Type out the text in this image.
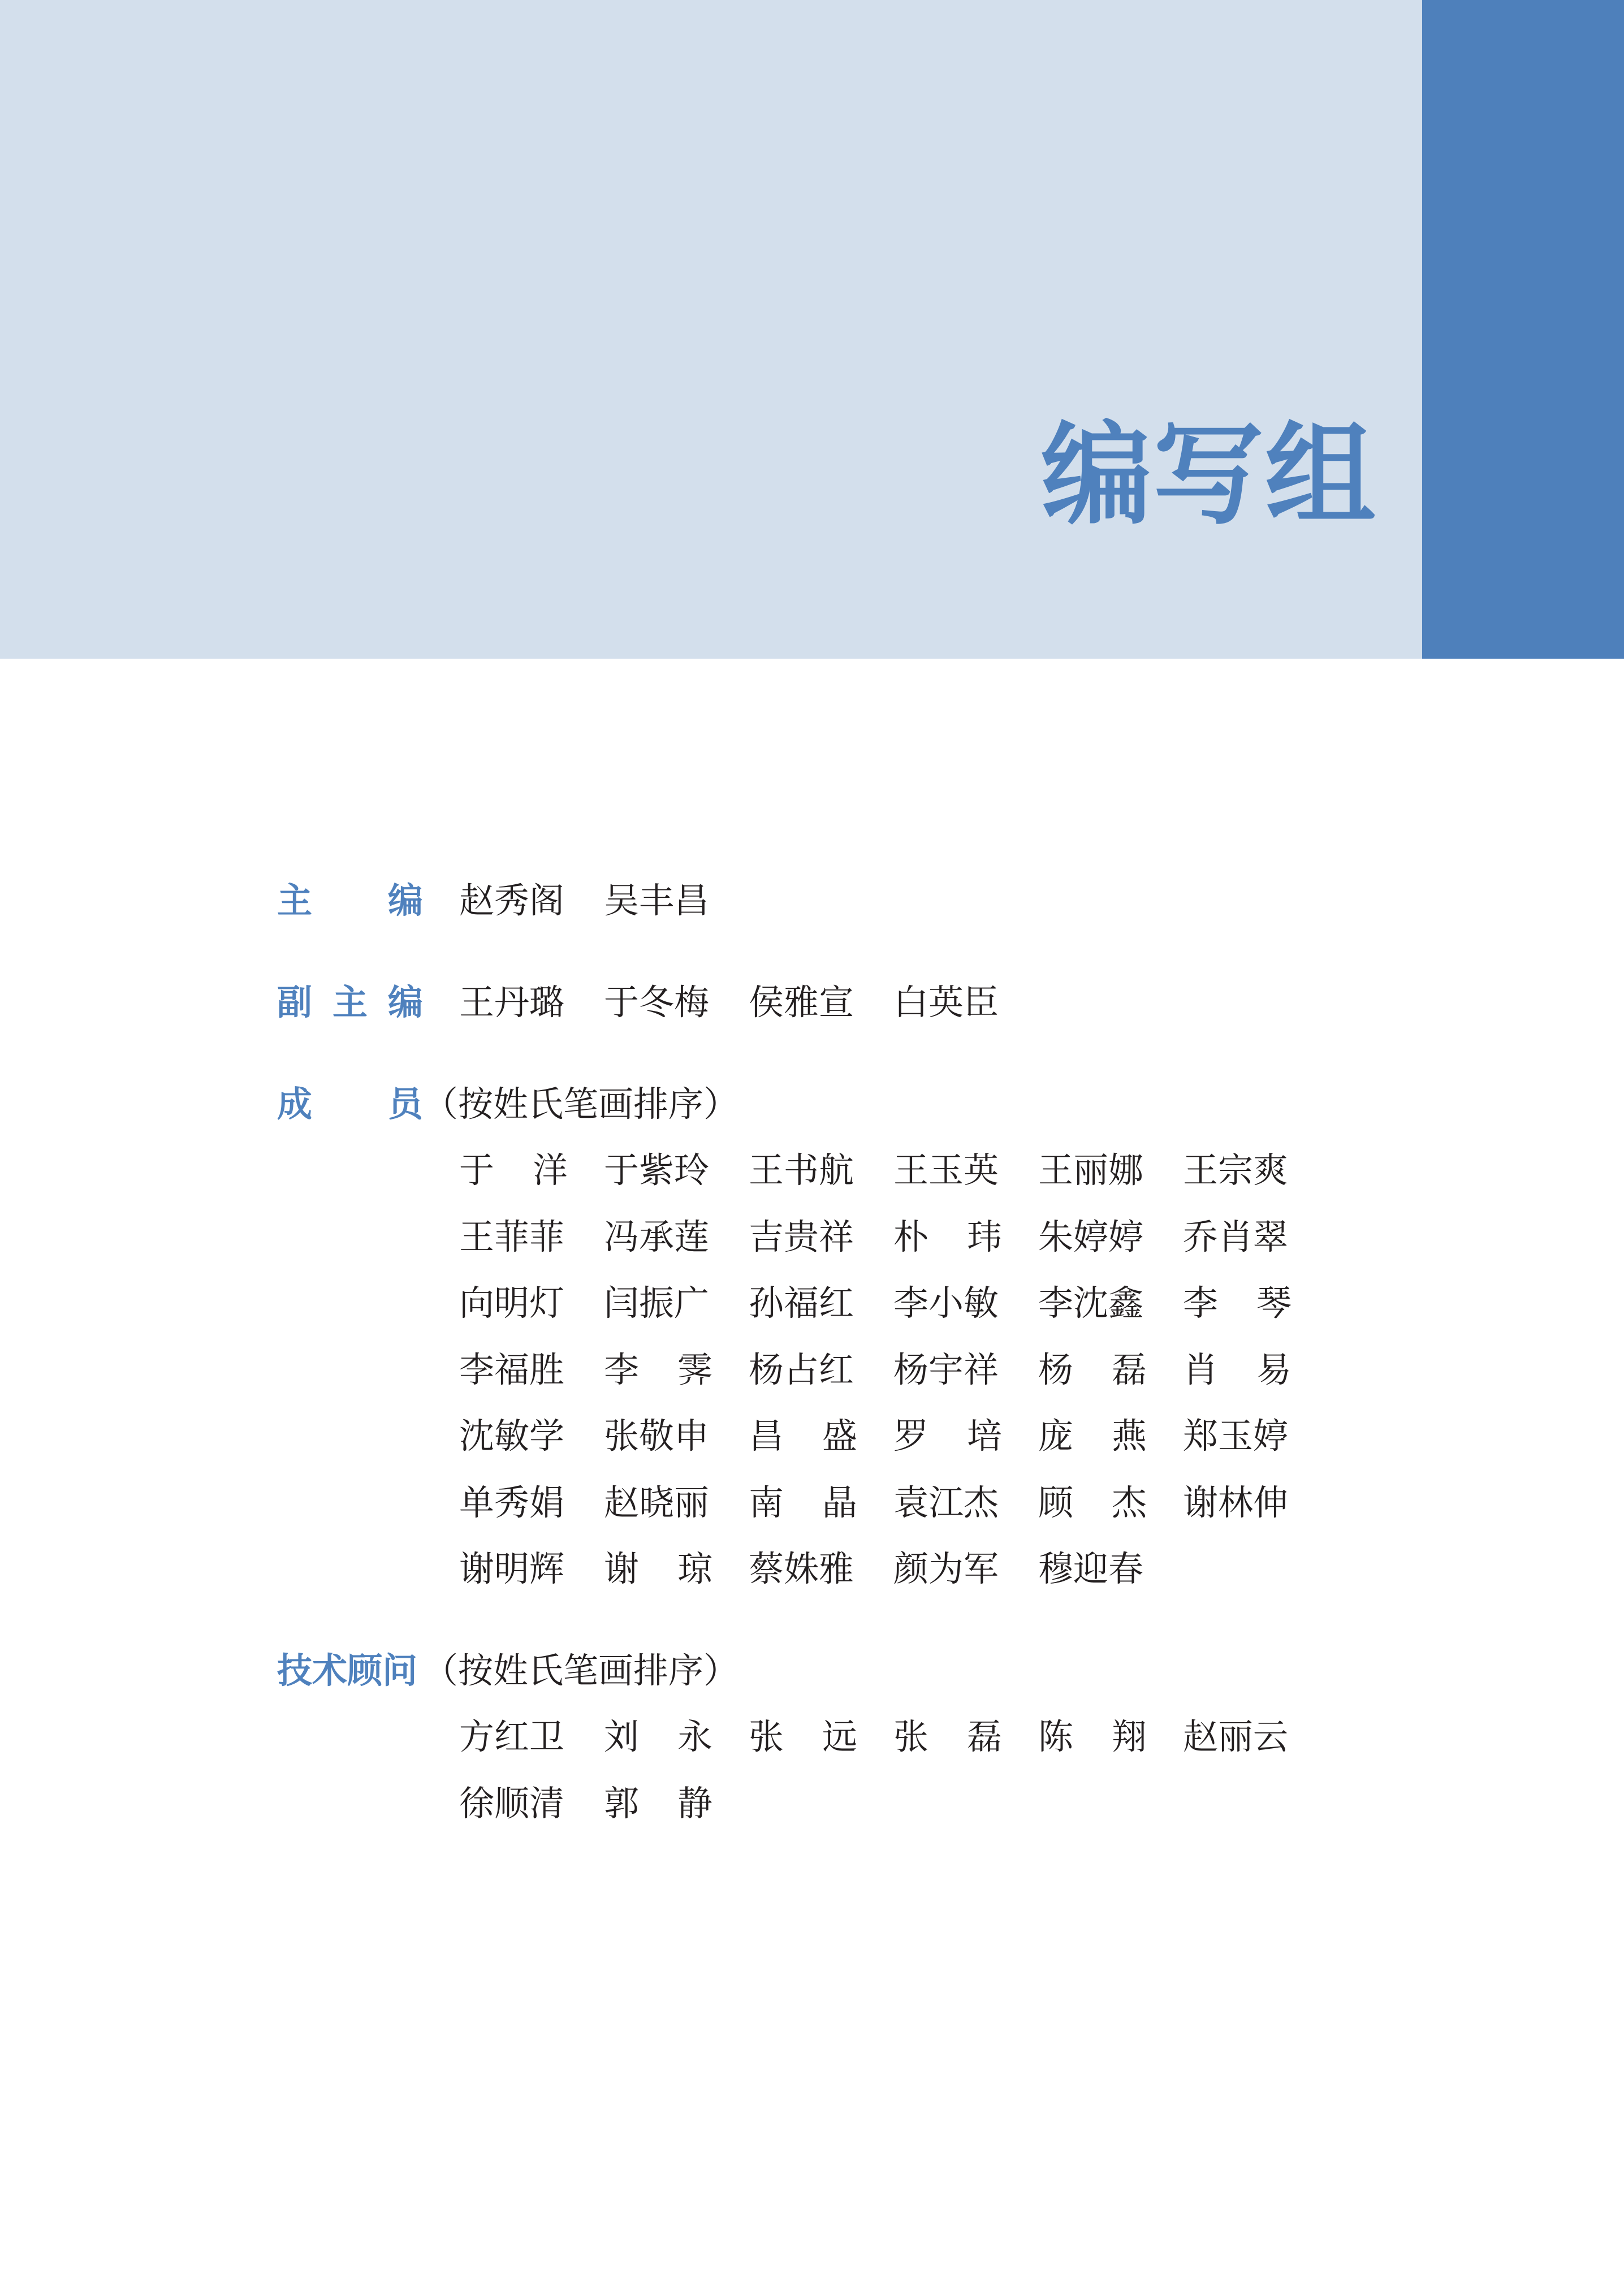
编写组
主 编 赵秀阁 吴丰昌
副 主 编 王丹璐 于冬梅 侯雅宣 白英臣
成 员 （按姓氏笔画排序）
于 洋 于紫玲 王书航 王玉英 王丽娜 王宗爽
王菲菲 冯承莲 吉贵祥 朴 玮 朱婷婷 乔肖翠
向明灯 闫振广 孙福红 李小敏 李沈鑫 李 琴
李福胜 李 霁 杨占红 杨宇祥 杨 磊 肖 易
沈敏学 张敬申 昌 盛 罗 培 庞 燕 郑玉婷
单秀娟 赵晓丽 南 晶 袁江杰 顾 杰 谢林伸
谢明辉 谢 琼 蔡姝雅 颜为军 穆迎春
技术顾问 （按姓氏笔画排序）
方红卫 刘 永 张 远 张 磊 陈 翔 赵丽云
徐顺清 郭 静
